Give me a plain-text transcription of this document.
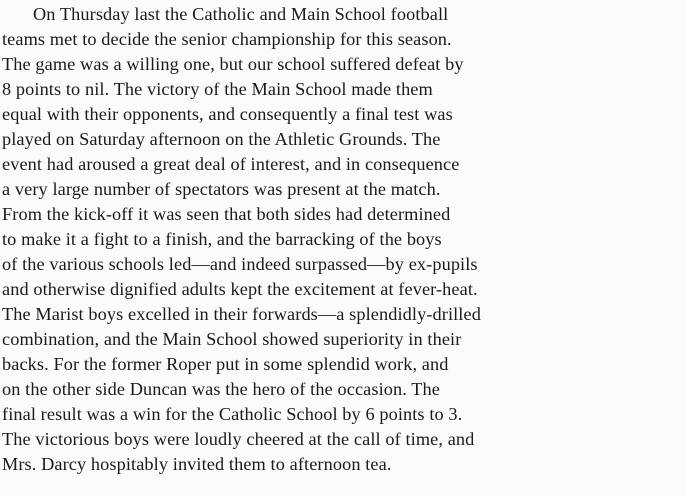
On Thursday last the Catholic and Main School football
teams met to decide the senior championship for this season.
The game was a willing one, but our school suffered defeat by
8 points to nil. The victory of the Main School made them
equal with their opponents, and consequently a final test was
played on Saturday afternoon on the Athletic Grounds. The
event had aroused a great deal of interest, and in consequence
a very large number of spectators was present at the match.
From the kick-off it was seen that both sides had determined
to make it a fight to a finish, and the barracking of the boys
of the various schools led—and indeed surpassed—by ex-pupils
and otherwise dignified adults kept the excitement at fever-heat.
The Marist boys excelled in their forwards—a splendidly-drilled
combination, and the Main School showed superiority in their
backs. For the former Roper put in some splendid work, and
on the other side Duncan was the hero of the occasion. The
final result was a win for the Catholic School by 6 points to 3.
The victorious boys were loudly cheered at the call of time, and
Mrs. Darcy hospitably invited them to afternoon tea.
